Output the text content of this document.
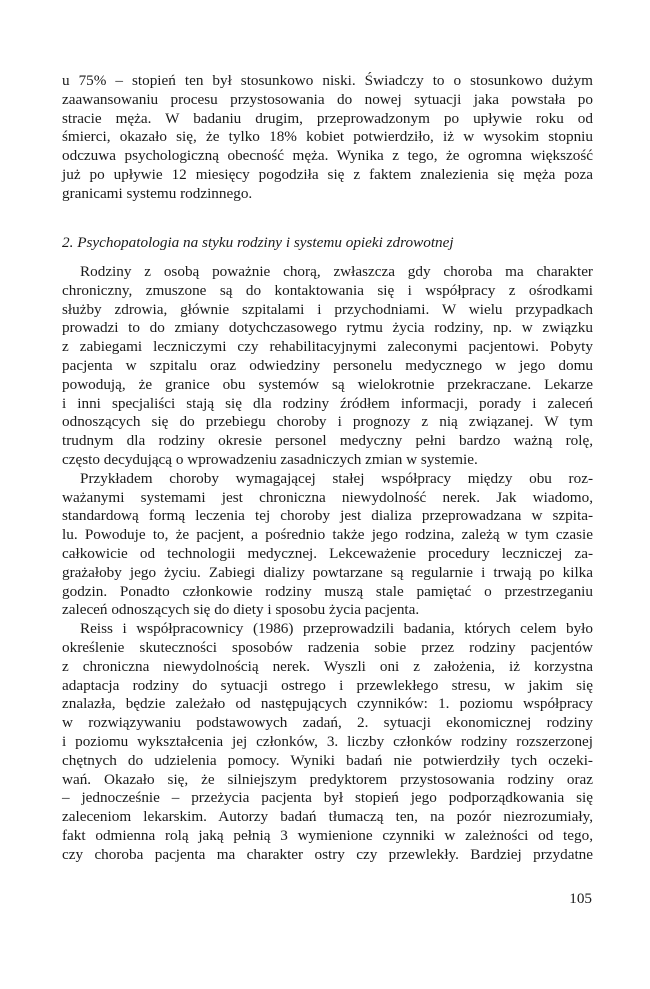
u 75% – stopień ten był stosunkowo niski. Świadczy to o stosunkowo dużym
zaawansowaniu procesu przystosowania do nowej sytuacji jaka powstała po
stracie męża. W badaniu drugim, przeprowadzonym po upływie roku od
śmierci, okazało się, że tylko 18% kobiet potwierdziło, iż w wysokim stopniu
odczuwa psychologiczną obecność męża. Wynika z tego, że ogromna większość
już po upływie 12 miesięcy pogodziła się z faktem znalezienia się męża poza
granicami systemu rodzinnego.
2. Psychopatologia na styku rodziny i systemu opieki zdrowotnej
Rodziny z osobą poważnie chorą, zwłaszcza gdy choroba ma charakter
chroniczny, zmuszone są do kontaktowania się i współpracy z ośrodkami
służby zdrowia, głównie szpitalami i przychodniami. W wielu przypadkach
prowadzi to do zmiany dotychczasowego rytmu życia rodziny, np. w związku
z zabiegami leczniczymi czy rehabilitacyjnymi zaleconymi pacjentowi. Pobyty
pacjenta w szpitalu oraz odwiedziny personelu medycznego w jego domu
powodują, że granice obu systemów są wielokrotnie przekraczane. Lekarze
i inni specjaliści stają się dla rodziny źródłem informacji, porady i zaleceń
odnoszących się do przebiegu choroby i prognozy z nią związanej. W tym
trudnym dla rodziny okresie personel medyczny pełni bardzo ważną rolę,
często decydującą o wprowadzeniu zasadniczych zmian w systemie.
Przykładem choroby wymagającej stałej współpracy między obu roz-
ważanymi systemami jest chroniczna niewydolność nerek. Jak wiadomo,
standardową formą leczenia tej choroby jest dializa przeprowadzana w szpita-
lu. Powoduje to, że pacjent, a pośrednio także jego rodzina, zależą w tym czasie
całkowicie od technologii medycznej. Lekceważenie procedury leczniczej za-
grażałoby jego życiu. Zabiegi dializy powtarzane są regularnie i trwają po kilka
godzin. Ponadto członkowie rodziny muszą stale pamiętać o przestrzeganiu
zaleceń odnoszących się do diety i sposobu życia pacjenta.
Reiss i współpracownicy (1986) przeprowadzili badania, których celem było
określenie skuteczności sposobów radzenia sobie przez rodziny pacjentów
z chroniczna niewydolnością nerek. Wyszli oni z założenia, iż korzystna
adaptacja rodziny do sytuacji ostrego i przewlekłego stresu, w jakim się
znalazła, będzie zależało od następujących czynników: 1. poziomu współpracy
w rozwiązywaniu podstawowych zadań, 2. sytuacji ekonomicznej rodziny
i poziomu wykształcenia jej członków, 3. liczby członków rodziny rozszerzonej
chętnych do udzielenia pomocy. Wyniki badań nie potwierdziły tych oczeki-
wań. Okazało się, że silniejszym predyktorem przystosowania rodziny oraz
– jednocześnie – przeżycia pacjenta był stopień jego podporządkowania się
zaleceniom lekarskim. Autorzy badań tłumaczą ten, na pozór niezrozumiały,
fakt odmienna rolą jaką pełnią 3 wymienione czynniki w zależności od tego,
czy choroba pacjenta ma charakter ostry czy przewlekły. Bardziej przydatne
105
